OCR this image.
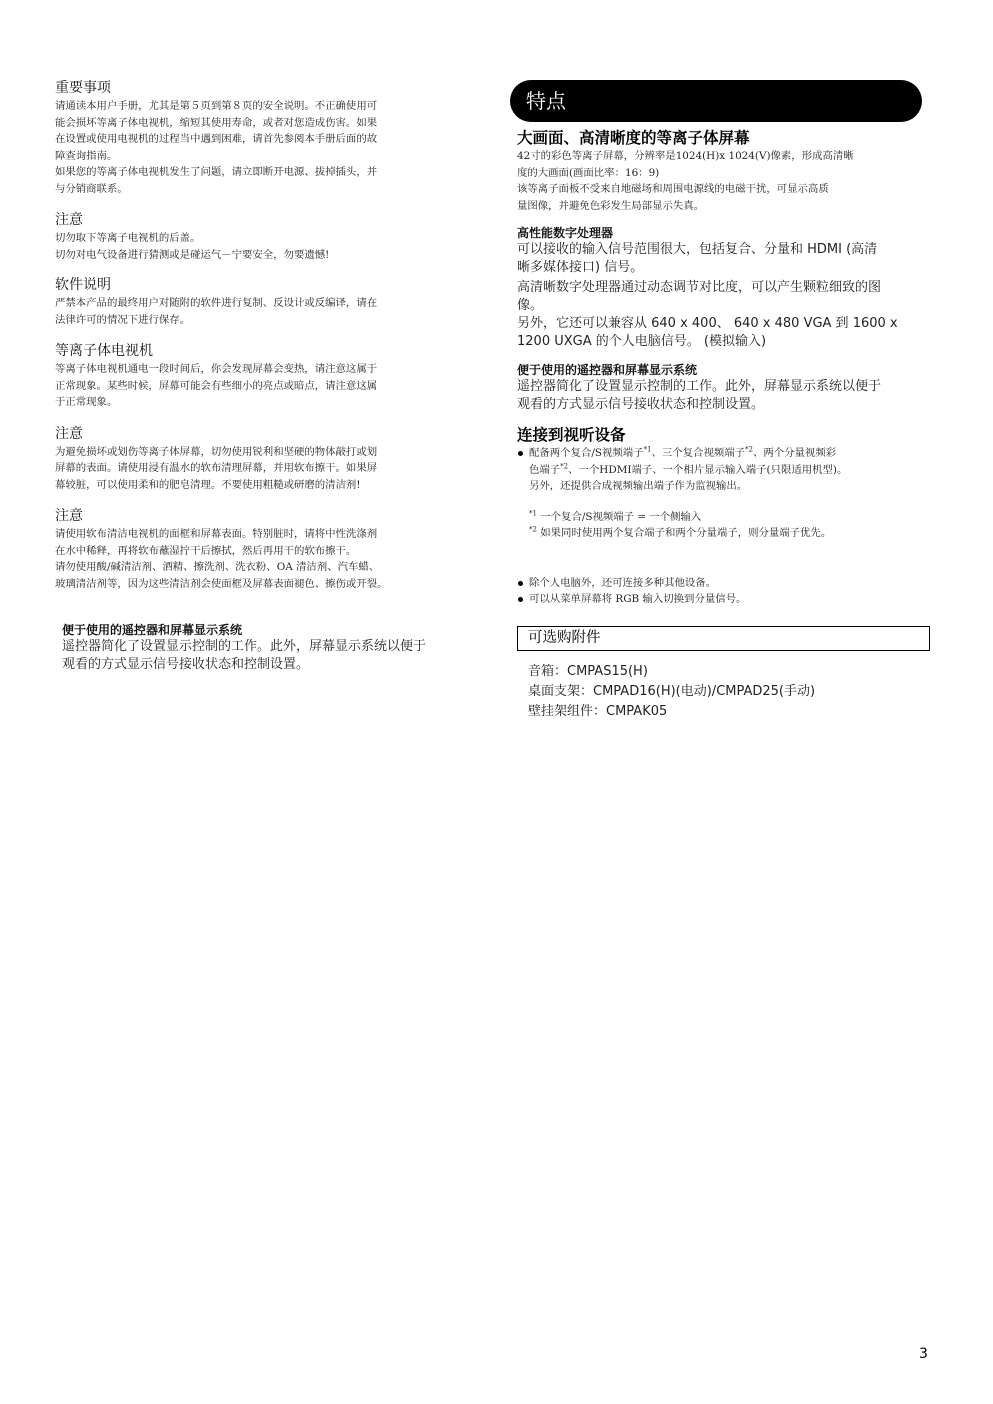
重要事项

请通读本用户手册，尤其是第５页到第８页的安全说明。不正确使用可

能会损坏等离子体电视机，缩短其使用寿命，或者对您造成伤害。如果

在设置或使用电视机的过程当中遇到困难，请首先参阅本手册后面的故

障查询指南。

如果您的等离子体电视机发生了问题，请立即断开电源、拔掉插头，并

与分销商联系。

注意

切勿取下等离子电视机的后盖。

切勿对电气设备进行猜测或是碰运气－宁要安全，勿要遗憾!

软件说明

严禁本产品的最终用户对随附的软件进行复制、反设计或反编译，请在

法律许可的情况下进行保存。

等离子体电视机

等离子体电视机通电一段时间后，你会发现屏幕会变热，请注意这属于

正常现象。某些时候，屏幕可能会有些细小的亮点或暗点，请注意这属

于正常现象。

注意

为避免损坏或划伤等离子体屏幕，切勿使用锐利和坚硬的物体敲打或划

屏幕的表面。请使用浸有温水的软布清理屏幕，并用软布擦干。如果屏

幕较脏，可以使用柔和的肥皂清理。不要使用粗糙或研磨的清洁剂!

注意

请使用软布清洁电视机的面框和屏幕表面。特别脏时，请将中性洗涤剂

在水中稀释，再将软布蘸湿拧干后擦拭，然后再用干的软布擦干。

请勿使用酸/碱清洁剂、酒精、擦洗剂、洗衣粉、OA 清洁剂、汽车蜡、

玻璃清洁剂等，因为这些清洁剂会使面框及屏幕表面褪色、擦伤或开裂。

便于使用的遥控器和屏幕显示系统

遥控器简化了设置显示控制的工作。此外，屏幕显示系统以便于

观看的方式显示信号接收状态和控制设置。

特点
大画面、高清晰度的等离子体屏幕

42寸的彩色等离子屏幕，分辨率是1024(H)x 1024(V)像素，形成高清晰

度的大画面(画面比率：16：9)

该等离子面板不受来自地磁场和周围电源线的电磁干扰，可显示高质

量图像，并避免色彩发生局部显示失真。

高性能数字处理器

可以接收的输入信号范围很大，包括复合、分量和 HDMI (高清

晰多媒体接口) 信号。

高清晰数字处理器通过动态调节对比度，可以产生颗粒细致的图

像。

另外，它还可以兼容从 640 x 400、 640 x 480 VGA 到 1600 x

1200 UXGA 的个人电脑信号。 (模拟输入)

便于使用的遥控器和屏幕显示系统

遥控器简化了设置显示控制的工作。此外，屏幕显示系统以便于

观看的方式显示信号接收状态和控制设置。

连接到视听设备
配备两个复合/S视频端子$^{*1}$、三个复合视频端子$^{*2}$、两个分量视频彩
色端子$^{*2}$、一个HDMI端子、一个相片显示输入端子(只限适用机型)。

另外，还提供合成视频输出端子作为监视输出。

$^{*1}$ 一个复合/S视频端子 = 一个侧输入
$^{*2}$ 如果同时使用两个复合端子和两个分量端子，则分量端子优先。
除个人电脑外，还可连接多种其他设备。
可以从菜单屏幕将 RGB 输入切换到分量信号。
可选购附件

音箱：CMPAS15(H)

桌面支架：CMPAD16(H)(电动)/CMPAD25(手动)

壁挂架组件：CMPAK05

3
